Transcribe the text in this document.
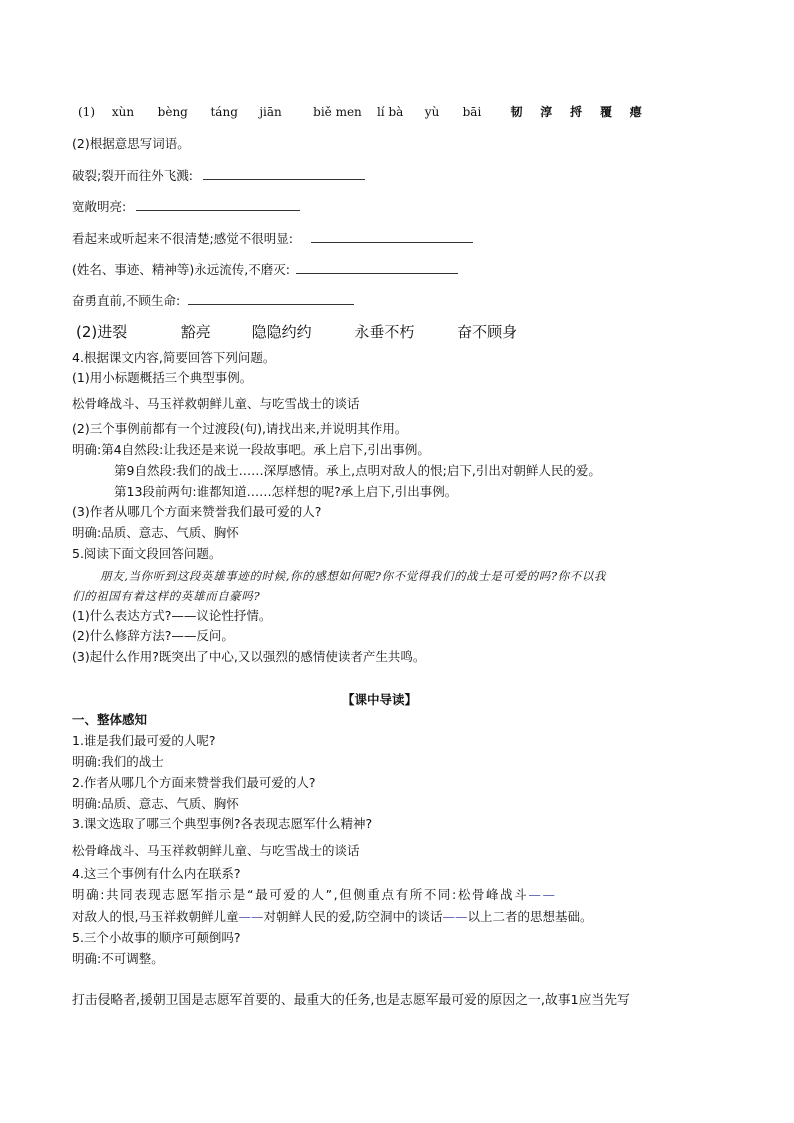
(1) xùn bèng táng jiān	biě men lí bà yù bāi 韧 淳 捋 覆 瘪
(2)根据意思写词语。
破裂;裂开而往外飞溅:
宽敞明亮:
看起来或听起来不很清楚;感觉不很明显:
(姓名、事迹、精神等)永远流传,不磨灭:
奋勇直前,不顾生命:
(2)进裂	豁亮	隐隐约约	永垂不朽	奋不顾身
4.根据课文内容,简要回答下列问题。
(1)用小标题概括三个典型事例。
松骨峰战斗、马玉祥救朝鲜儿童、与吃雪战士的谈话
(2)三个事例前都有一个过渡段(句),请找出来,并说明其作用。
明确:第4自然段:让我还是来说一段故事吧。承上启下,引出事例。
第9自然段:我们的战士……深厚感情。承上,点明对敌人的恨;启下,引出对朝鲜人民的爱。
第13段前两句:谁都知道……怎样想的呢?承上启下,引出事例。
(3)作者从哪几个方面来赞誉我们最可爱的人?
明确:品质、意志、气质、胸怀
5.阅读下面文段回答问题。
朋友,当你听到这段英雄事迹的时候,你的感想如何呢?你不觉得我们的战士是可爱的吗?你不以我
们的祖国有着这样的英雄而自豪吗?
(1)什么表达方式?——议论性抒情。
(2)什么修辞方法?——反问。
(3)起什么作用?既突出了中心,又以强烈的感情使读者产生共鸣。
【课中导读】
一、整体感知
1.谁是我们最可爱的人呢?
明确:我们的战士
2.作者从哪几个方面来赞誉我们最可爱的人?
明确:品质、意志、气质、胸怀
3.课文选取了哪三个典型事例?各表现志愿军什么精神?
松骨峰战斗、马玉祥救朝鲜儿童、与吃雪战士的谈话
4.这三个事例有什么内在联系?
明确:共同表现志愿军指示是“最可爱的人”,但侧重点有所不同:松骨峰战斗——
对敌人的恨,马玉祥救朝鲜儿童——对朝鲜人民的爱,防空洞中的谈话——以上二者的思想基础。
5.三个小故事的顺序可颠倒吗?
明确:不可调整。
打击侵略者,援朝卫国是志愿军首要的、最重大的任务,也是志愿军最可爱的原因之一,故事1应当先写
